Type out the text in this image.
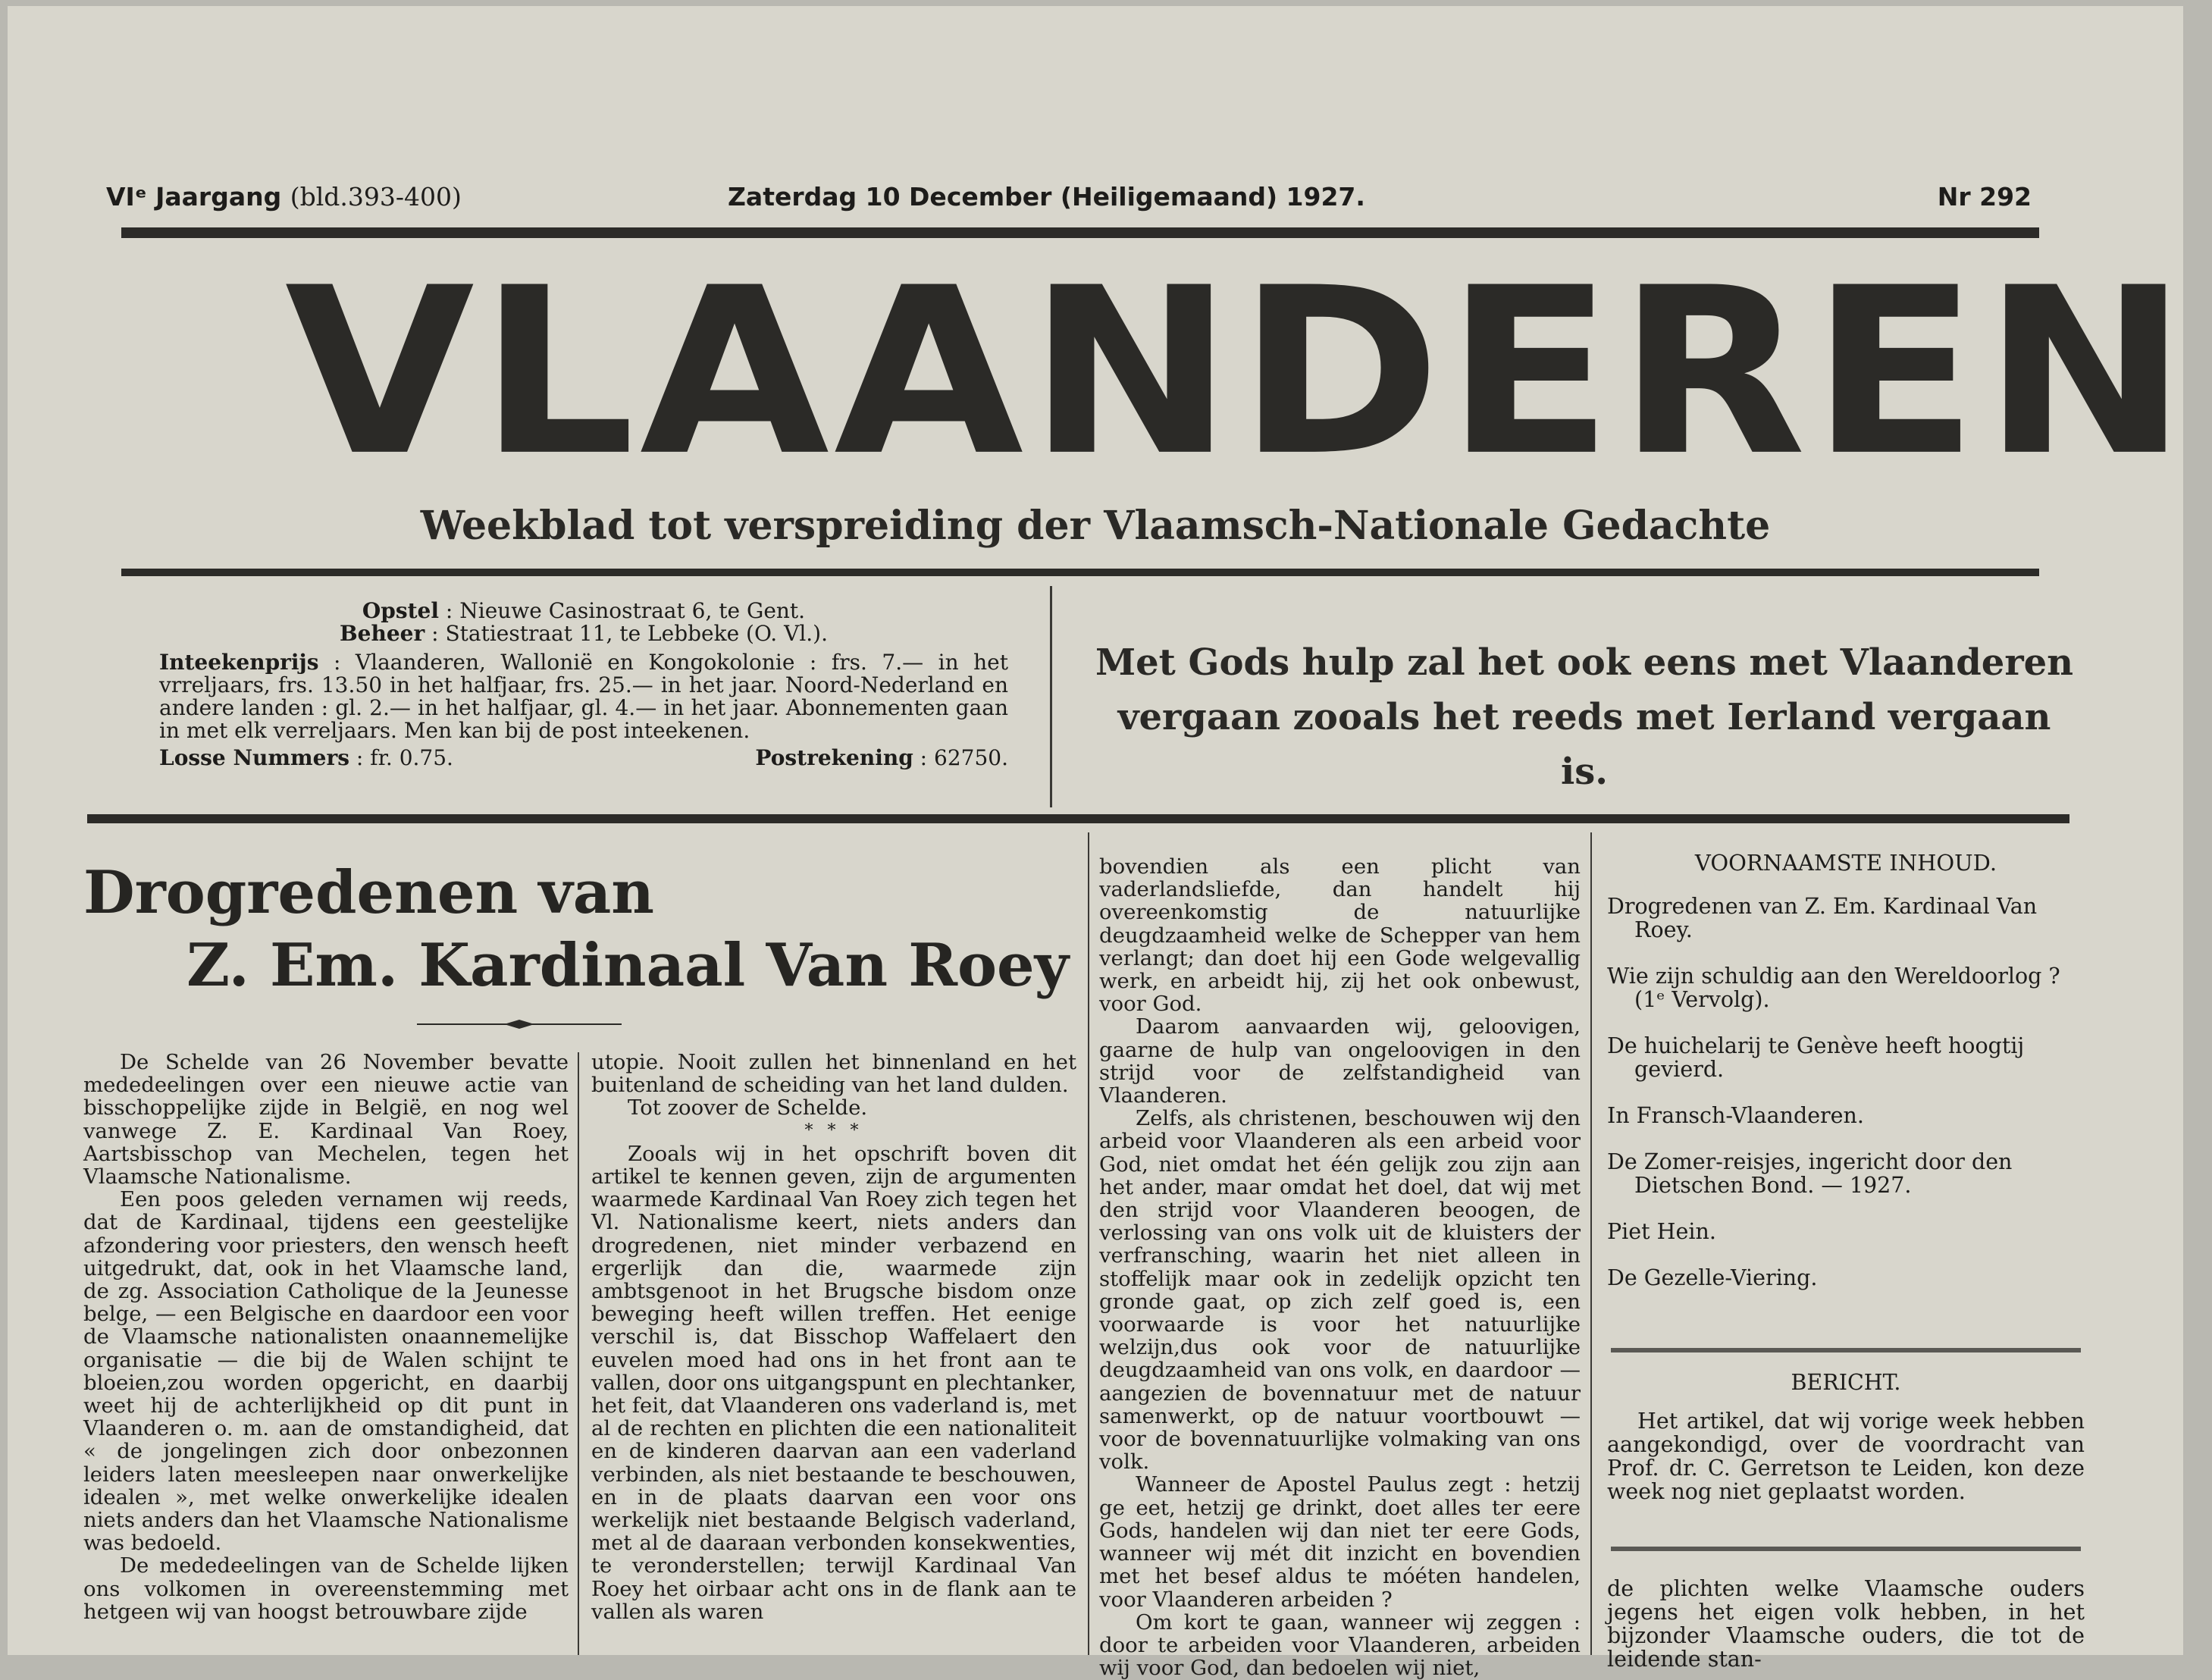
VIᵉ Jaargang (bld.393-400)	Zaterdag 10 December (Heiligemaand) 1927.	Nr 292
VLAANDEREN
Weekblad tot verspreiding der Vlaamsch-Nationale Gedachte

Opstel : Nieuwe Casinostraat 6, te Gent.

Beheer : Statiestraat 11, te Lebbeke (O. Vl.).

Inteekenprijs : Vlaanderen, Wallonië en Kongokolonie : frs. 7.— in het vrreljaars, frs. 13.50 in het halfjaar, frs. 25.— in het jaar. Noord-Nederland en andere landen : gl. 2.— in het halfjaar, gl. 4.— in het jaar. Abonnementen gaan in met elk verreljaars. Men kan bij de post inteekenen.

Losse Nummers : fr. 0.75.	Postrekening : 62750.
Met Gods hulp zal het ook eens met Vlaanderen vergaan zooals het reeds met Ierland vergaan is.
Drogredenen van
Z. Em. Kardinaal Van Roey

De Schelde van 26 November bevatte mededeelingen over een nieuwe actie van bisschoppelijke zijde in België, en nog wel vanwege Z. E. Kardinaal Van Roey, Aartsbisschop van Mechelen, tegen het Vlaamsche Nationalisme.

Een poos geleden vernamen wij reeds, dat de Kardinaal, tijdens een geestelijke afzondering voor priesters, den wensch heeft uitgedrukt, dat, ook in het Vlaamsche land, de zg. Association Catholique de la Jeunesse belge, — een Belgische en daardoor een voor de Vlaamsche nationalisten onaannemelijke organisatie — die bij de Walen schijnt te bloeien,zou worden opgericht, en daarbij weet hij de achterlijkheid op dit punt in Vlaanderen o. m. aan de omstandigheid, dat « de jongelingen zich door onbezonnen leiders laten meesleepen naar onwerkelijke idealen », met welke onwerkelijke idealen niets anders dan het Vlaamsche Nationalisme was bedoeld.

De mededeelingen van de Schelde lijken ons volkomen in overeenstemming met hetgeen wij van hoogst betrouwbare zijde

utopie. Nooit zullen het binnenland en het buitenland de scheiding van het land dulden.

Tot zoover de Schelde.

* * *

Zooals wij in het opschrift boven dit artikel te kennen geven, zijn de argumenten waarmede Kardinaal Van Roey zich tegen het Vl. Nationalisme keert, niets anders dan drogredenen, niet minder verbazend en ergerlijk dan die, waarmede zijn ambtsgenoot in het Brugsche bisdom onze beweging heeft willen treffen. Het eenige verschil is, dat Bisschop Waffelaert den euvelen moed had ons in het front aan te vallen, door ons uitgangspunt en plechtanker, het feit, dat Vlaanderen ons vaderland is, met al de rechten en plichten die een nationaliteit en de kinderen daarvan aan een vaderland verbinden, als niet bestaande te beschouwen, en in de plaats daarvan een voor ons werkelijk niet bestaande Belgisch vaderland, met al de daaraan verbonden konsekwenties, te veronderstellen; terwijl Kardinaal Van Roey het oirbaar acht ons in de flank aan te vallen als waren

bovendien als een plicht van vaderlandsliefde, dan handelt hij overeenkomstig de natuurlijke deugdzaamheid welke de Schepper van hem verlangt; dan doet hij een Gode welgevallig werk, en arbeidt hij, zij het ook onbewust, voor God.

Daarom aanvaarden wij, geloovigen, gaarne de hulp van ongeloovigen in den strijd voor de zelfstandigheid van Vlaanderen.

Zelfs, als christenen, beschouwen wij den arbeid voor Vlaanderen als een arbeid voor God, niet omdat het één gelijk zou zijn aan het ander, maar omdat het doel, dat wij met den strijd voor Vlaanderen beoogen, de verlossing van ons volk uit de kluisters der verfransching, waarin het niet alleen in stoffelijk maar ook in zedelijk opzicht ten gronde gaat, op zich zelf goed is, een voorwaarde is voor het natuurlijke welzijn,dus ook voor de natuurlijke deugdzaamheid van ons volk, en daardoor — aangezien de bovennatuur met de natuur samenwerkt, op de natuur voortbouwt — voor de bovennatuurlijke volmaking van ons volk.

Wanneer de Apostel Paulus zegt : hetzij ge eet, hetzij ge drinkt, doet alles ter eere Gods, handelen wij dan niet ter eere Gods, wanneer wij mét dit inzicht en bovendien met het besef aldus te móéten handelen, voor Vlaanderen arbeiden ?

Om kort te gaan, wanneer wij zeggen : door te arbeiden voor Vlaanderen, arbeiden wij voor God, dan bedoelen wij niet,

VOORNAAMSTE INHOUD.
Drogredenen van Z. Em. Kardinaal Van Roey.
Wie zijn schuldig aan den Wereldoorlog ? (1ᵉ Vervolg).
De huichelarij te Genève heeft hoogtij gevierd.
In Fransch-Vlaanderen.
De Zomer-reisjes, ingericht door den Dietschen Bond. — 1927.
Piet Hein.
De Gezelle-Viering.
BERICHT.

Het artikel, dat wij vorige week hebben aangekondigd, over de voordracht van Prof. dr. C. Gerretson te Leiden, kon deze week nog niet geplaatst worden.

de plichten welke Vlaamsche ouders jegens het eigen volk hebben, in het bijzonder Vlaamsche ouders, die tot de leidende stan-
